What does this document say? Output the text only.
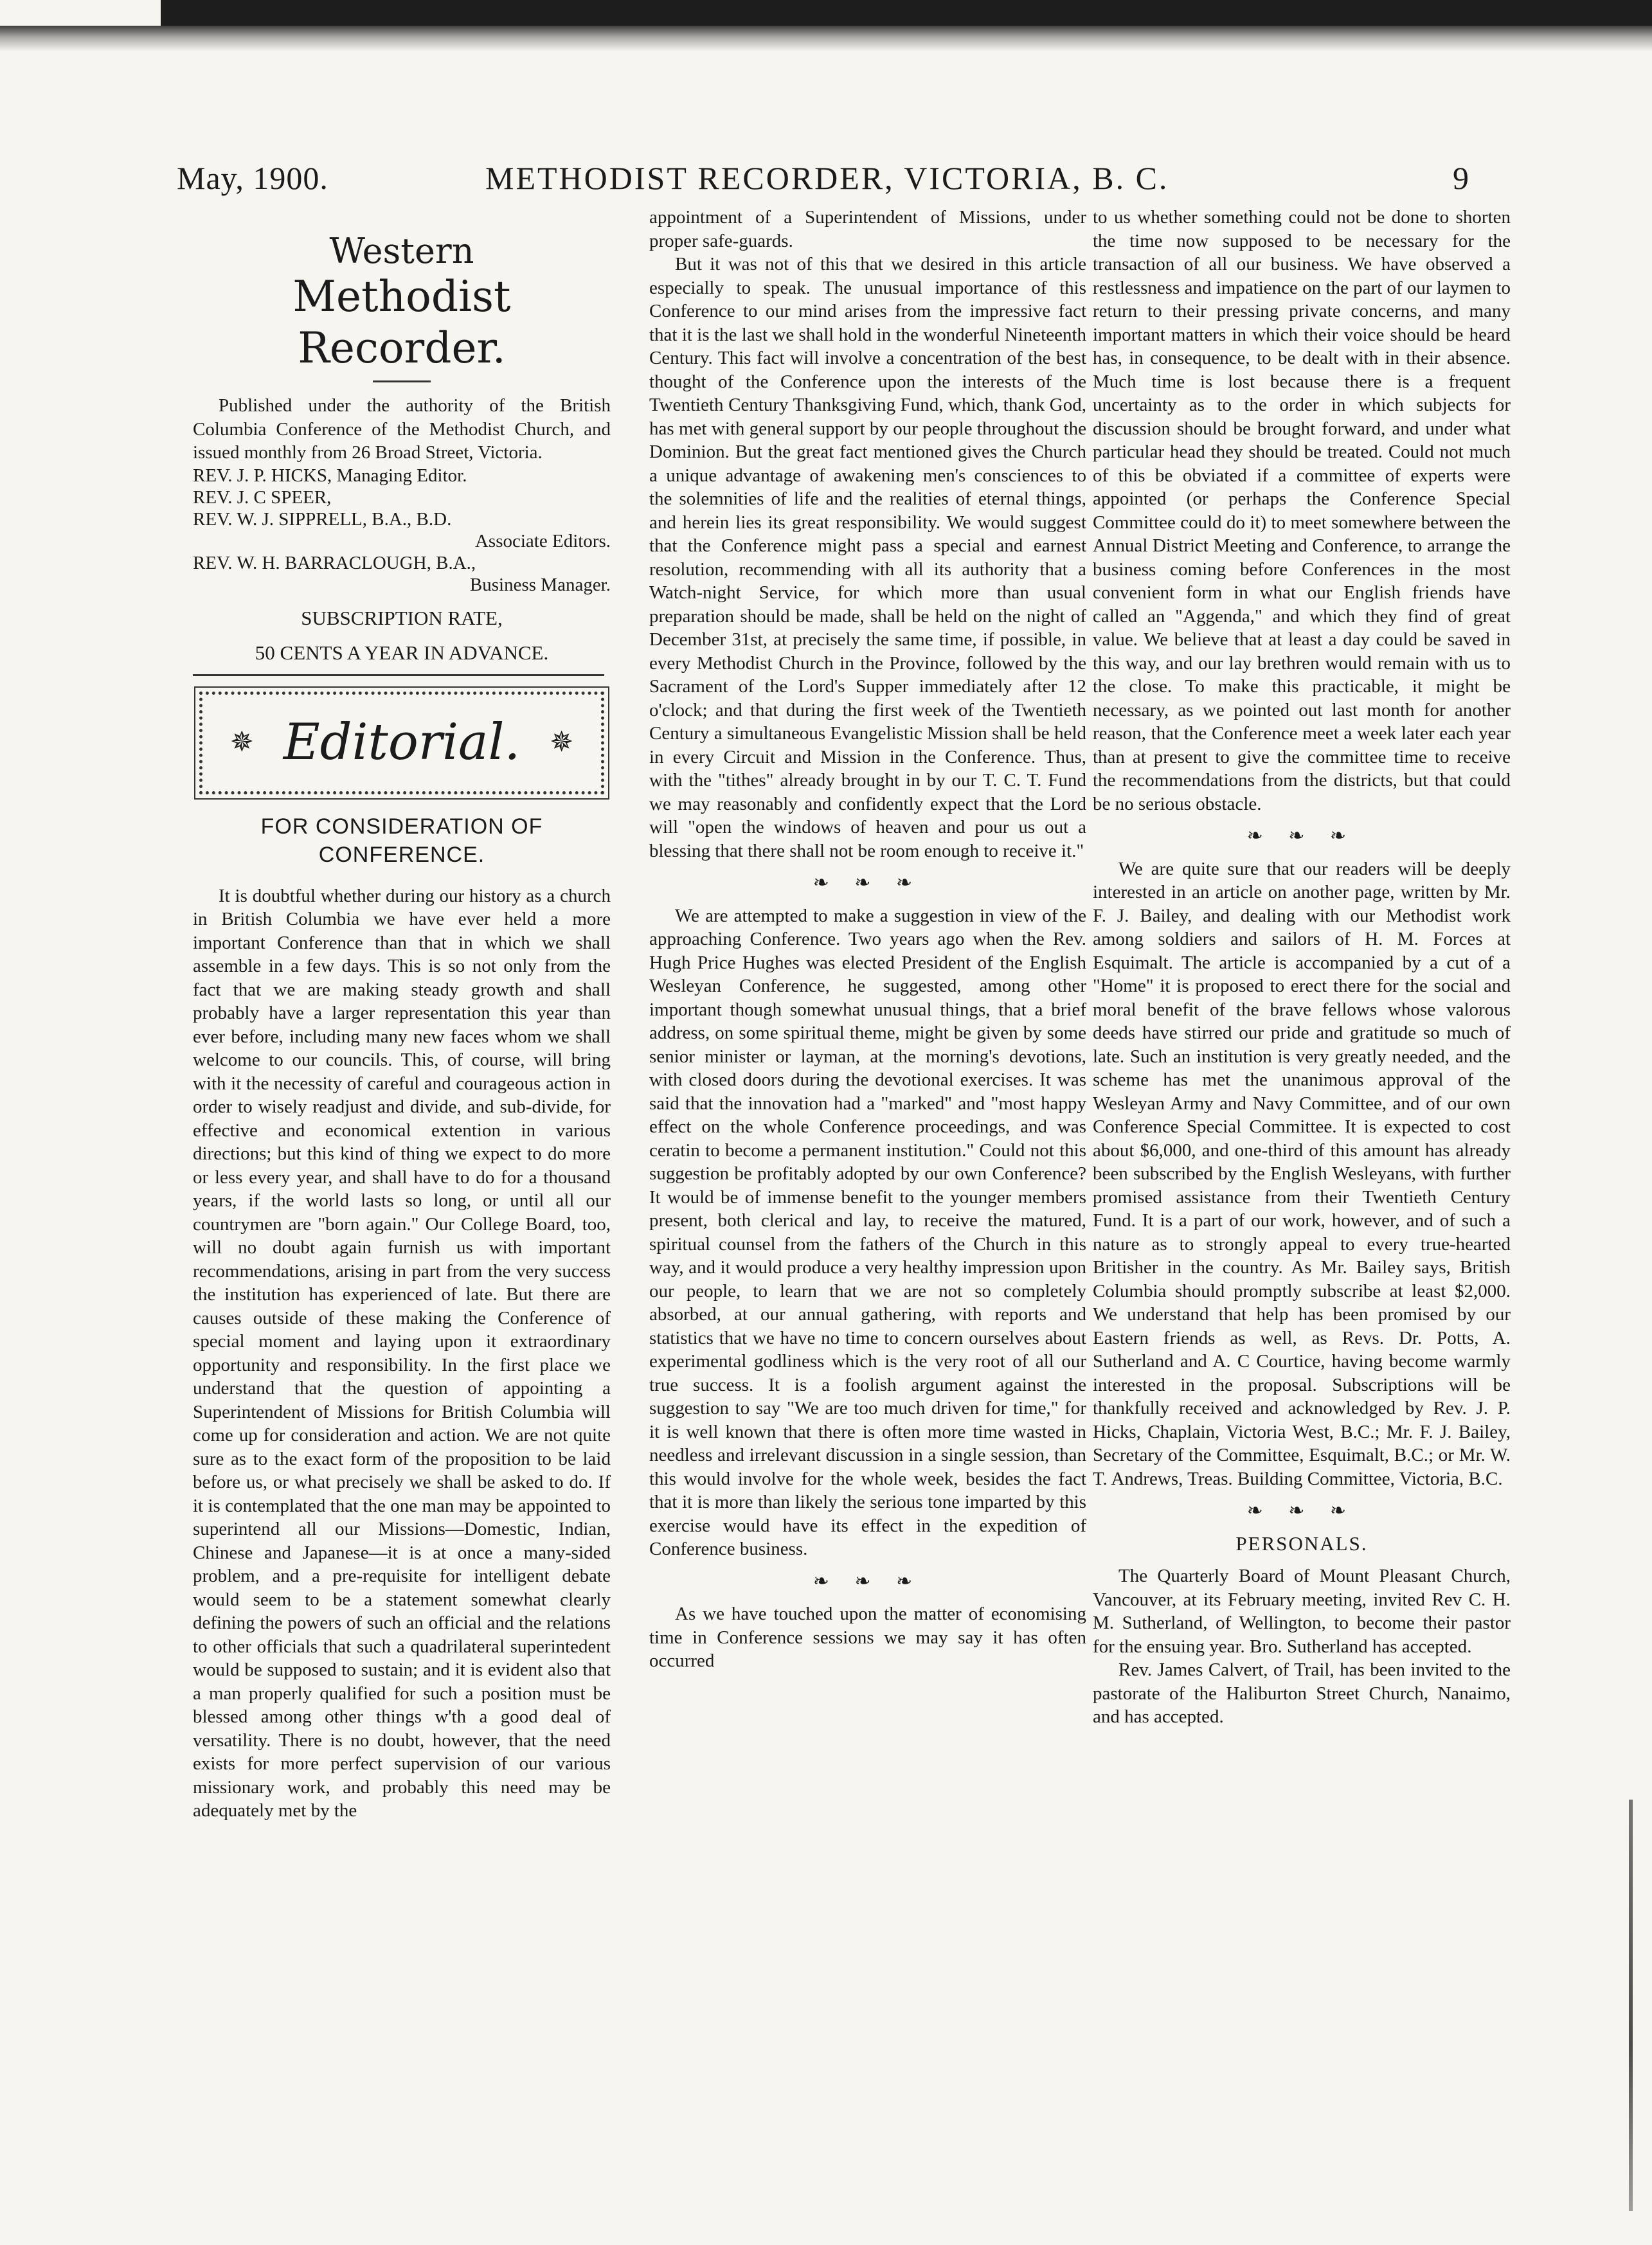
May, 1900.	METHODIST RECORDER, VICTORIA, B. C.	9
Western
Methodist Recorder.

Published under the authority of the British Columbia Conference of the Methodist Church, and issued monthly from 26 Broad Street, Victoria.

REV. J. P. HICKS, Managing Editor.
REV. J. C SPEER,
REV. W. J. SIPPRELL, B.A., B.D.
Associate Editors.
REV. W. H. BARRACLOUGH, B.A.,
Business Manager.

SUBSCRIPTION RATE,
50 CENTS A YEAR IN ADVANCE.
✵ Editorial. ✵
FOR CONSIDERATION OF CONFERENCE.

It is doubtful whether during our history as a church in British Columbia we have ever held a more important Conference than that in which we shall assemble in a few days. This is so not only from the fact that we are making steady growth and shall probably have a larger representation this year than ever before, including many new faces whom we shall welcome to our councils. This, of course, will bring with it the necessity of careful and courageous action in order to wisely readjust and divide, and sub-divide, for effective and economical extention in various directions; but this kind of thing we expect to do more or less every year, and shall have to do for a thousand years, if the world lasts so long, or until all our countrymen are "born again." Our College Board, too, will no doubt again furnish us with important recommendations, arising in part from the very success the institution has experienced of late. But there are causes outside of these making the Conference of special moment and laying upon it extraordinary opportunity and responsibility. In the first place we understand that the question of appointing a Superintendent of Missions for British Columbia will come up for consideration and action. We are not quite sure as to the exact form of the proposition to be laid before us, or what precisely we shall be asked to do. If it is contemplated that the one man may be appointed to superintend all our Missions—Domestic, Indian, Chinese and Japanese—it is at once a many-sided problem, and a pre-requisite for intelligent debate would seem to be a statement somewhat clearly defining the powers of such an official and the relations to other officials that such a quadrilateral superintedent would be supposed to sustain; and it is evident also that a man properly qualified for such a position must be blessed among other things w'th a good deal of versatility. There is no doubt, however, that the need exists for more perfect supervision of our various missionary work, and probably this need may be adequately met by the

appointment of a Superintendent of Missions, under proper safe-guards.

But it was not of this that we desired in this article especially to speak. The unusual importance of this Conference to our mind arises from the impressive fact that it is the last we shall hold in the wonderful Nineteenth Century. This fact will involve a concentration of the best thought of the Conference upon the interests of the Twentieth Century Thanksgiving Fund, which, thank God, has met with general support by our people throughout the Dominion. But the great fact mentioned gives the Church a unique advantage of awakening men's consciences to the solemnities of life and the realities of eternal things, and herein lies its great responsibility. We would suggest that the Conference might pass a special and earnest resolution, recommending with all its authority that a Watch-night Service, for which more than usual preparation should be made, shall be held on the night of December 31st, at precisely the same time, if possible, in every Methodist Church in the Province, followed by the Sacrament of the Lord's Supper immediately after 12 o'clock; and that during the first week of the Twentieth Century a simultaneous Evangelistic Mission shall be held in every Circuit and Mission in the Conference. Thus, with the "tithes" already brought in by our T. C. T. Fund we may reasonably and confidently expect that the Lord will "open the windows of heaven and pour us out a blessing that there shall not be room enough to receive it."

❧ ❧ ❧

We are attempted to make a suggestion in view of the approaching Conference. Two years ago when the Rev. Hugh Price Hughes was elected President of the English Wesleyan Conference, he suggested, among other important though somewhat unusual things, that a brief address, on some spiritual theme, might be given by some senior minister or layman, at the morning's devotions, with closed doors during the devotional exercises. It was said that the innovation had a "marked" and "most happy effect on the whole Conference proceedings, and was ceratin to become a permanent institution." Could not this suggestion be profitably adopted by our own Conference? It would be of immense benefit to the younger members present, both clerical and lay, to receive the matured, spiritual counsel from the fathers of the Church in this way, and it would produce a very healthy impression upon our people, to learn that we are not so completely absorbed, at our annual gathering, with reports and statistics that we have no time to concern ourselves about experimental godliness which is the very root of all our true success. It is a foolish argument against the suggestion to say "We are too much driven for time," for it is well known that there is often more time wasted in needless and irrelevant discussion in a single session, than this would involve for the whole week, besides the fact that it is more than likely the serious tone imparted by this exercise would have its effect in the expedition of Conference business.

❧ ❧ ❧

As we have touched upon the matter of economising time in Conference sessions we may say it has often occurred

to us whether something could not be done to shorten the time now supposed to be necessary for the transaction of all our business. We have observed a restlessness and impatience on the part of our laymen to return to their pressing private concerns, and many important matters in which their voice should be heard has, in consequence, to be dealt with in their absence. Much time is lost because there is a frequent uncertainty as to the order in which subjects for discussion should be brought forward, and under what particular head they should be treated. Could not much of this be obviated if a committee of experts were appointed (or perhaps the Conference Special Committee could do it) to meet somewhere between the Annual District Meeting and Conference, to arrange the business coming before Conferences in the most convenient form in what our English friends have called an "Aggenda," and which they find of great value. We believe that at least a day could be saved in this way, and our lay brethren would remain with us to the close. To make this practicable, it might be necessary, as we pointed out last month for another reason, that the Conference meet a week later each year than at present to give the committee time to receive the recommendations from the districts, but that could be no serious obstacle.

❧ ❧ ❧

We are quite sure that our readers will be deeply interested in an article on another page, written by Mr. F. J. Bailey, and dealing with our Methodist work among soldiers and sailors of H. M. Forces at Esquimalt. The article is accompanied by a cut of a "Home" it is proposed to erect there for the social and moral benefit of the brave fellows whose valorous deeds have stirred our pride and gratitude so much of late. Such an institution is very greatly needed, and the scheme has met the unanimous approval of the Wesleyan Army and Navy Committee, and of our own Conference Special Committee. It is expected to cost about $6,000, and one-third of this amount has already been subscribed by the English Wesleyans, with further promised assistance from their Twentieth Century Fund. It is a part of our work, however, and of such a nature as to strongly appeal to every true-hearted Britisher in the country. As Mr. Bailey says, British Columbia should promptly subscribe at least $2,000. We understand that help has been promised by our Eastern friends as well, as Revs. Dr. Potts, A. Sutherland and A. C Courtice, having become warmly interested in the proposal. Subscriptions will be thankfully received and acknowledged by Rev. J. P. Hicks, Chaplain, Victoria West, B.C.; Mr. F. J. Bailey, Secretary of the Committee, Esquimalt, B.C.; or Mr. W. T. Andrews, Treas. Building Committee, Victoria, B.C.

❧ ❧ ❧
PERSONALS.

The Quarterly Board of Mount Pleasant Church, Vancouver, at its February meeting, invited Rev C. H. M. Sutherland, of Wellington, to become their pastor for the ensuing year. Bro. Sutherland has accepted.

Rev. James Calvert, of Trail, has been invited to the pastorate of the Haliburton Street Church, Nanaimo, and has accepted.
